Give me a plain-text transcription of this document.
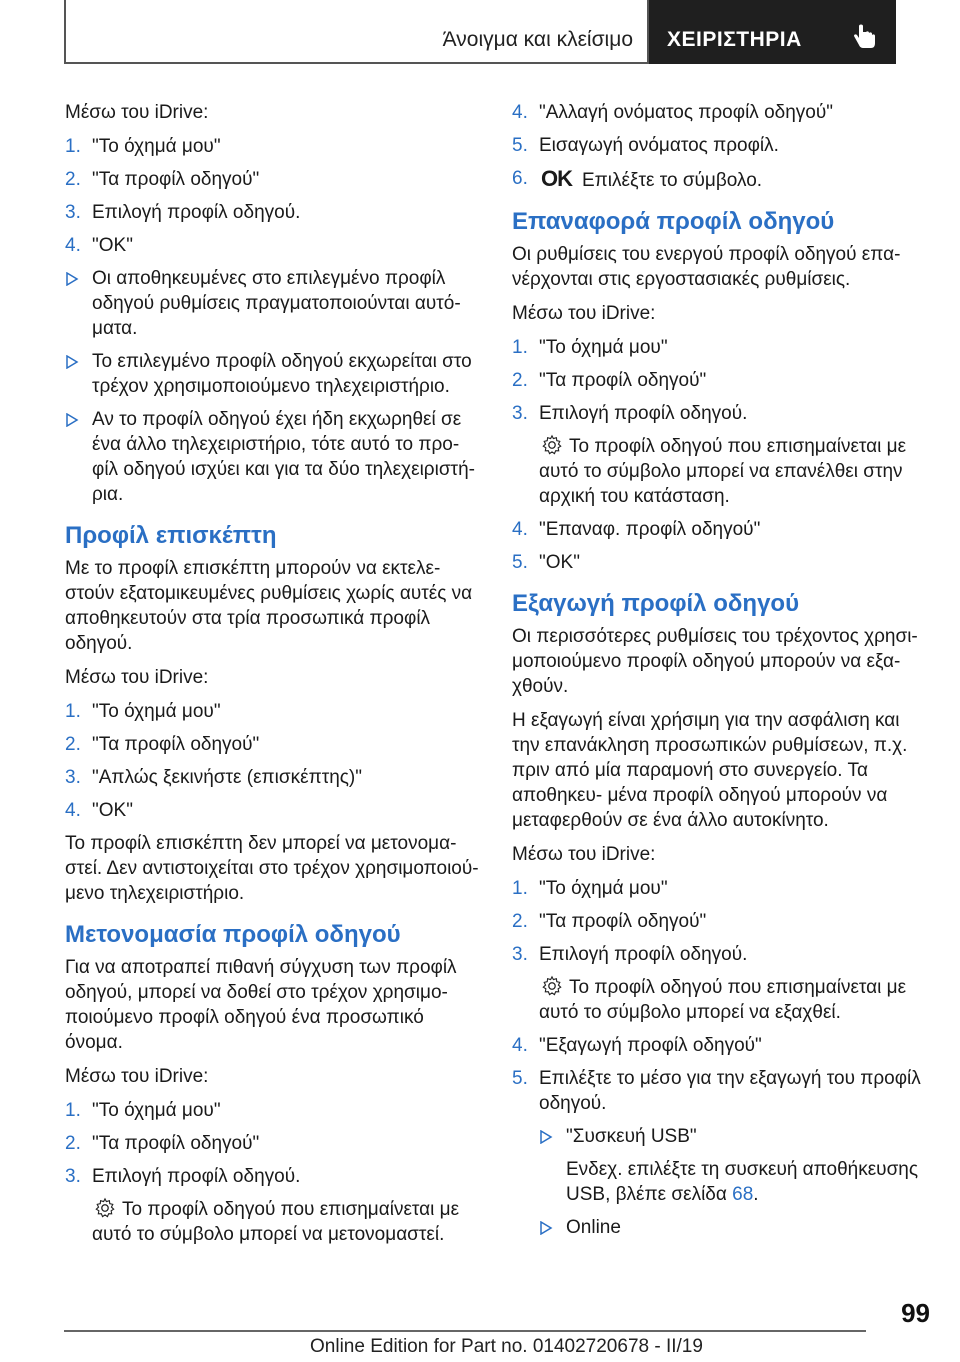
Άνοιγμα και κλείσιμο ΧΕΙΡΙΣΤΗΡΙΑ

Μέσω του iDrive:

1. "Το όχημά μου"
2. "Τα προφίλ οδηγού"
3. Επιλογή προφίλ οδηγού.
4. "OK"
Οι αποθηκευμένες στο επιλεγμένο προφίλ οδηγού ρυθμίσεις πραγματοποιούνται αυτό- ματα.
Το επιλεγμένο προφίλ οδηγού εκχωρείται στο τρέχον χρησιμοποιούμενο τηλεχειριστήριο.
Αν το προφίλ οδηγού έχει ήδη εκχωρηθεί σε ένα άλλο τηλεχειριστήριο, τότε αυτό το προ- φίλ οδηγού ισχύει και για τα δύο τηλεχειριστή- ρια.
Προφίλ επισκέπτη

Με το προφίλ επισκέπτη μπορούν να εκτελε- στούν εξατομικευμένες ρυθμίσεις χωρίς αυτές να αποθηκευτούν στα τρία προσωπικά προφίλ οδηγού.

Μέσω του iDrive:

1. "Το όχημά μου"
2. "Τα προφίλ οδηγού"
3. "Απλώς ξεκινήστε (επισκέπτης)"
4. "OK"

Το προφίλ επισκέπτη δεν μπορεί να μετονομα- στεί. Δεν αντιστοιχείται στο τρέχον χρησιμοποιού- μενο τηλεχειριστήριο.

Μετονομασία προφίλ οδηγού

Για να αποτραπεί πιθανή σύγχυση των προφίλ οδηγού, μπορεί να δοθεί στο τρέχον χρησιμο- ποιούμενο προφίλ οδηγού ένα προσωπικό όνομα.

Μέσω του iDrive:

1. "Το όχημά μου"
2. "Τα προφίλ οδηγού"
3. Επιλογή προφίλ οδηγού.
Το προφίλ οδηγού που επισημαίνεται με αυτό το σύμβολο μπορεί να μετονομαστεί.
4. "Αλλαγή ονόματος προφίλ οδηγού"
5. Εισαγωγή ονόματος προφίλ.
6. OK Επιλέξτε το σύμβολο.
Επαναφορά προφίλ οδηγού

Οι ρυθμίσεις του ενεργού προφίλ οδηγού επα- νέρχονται στις εργοστασιακές ρυθμίσεις.

Μέσω του iDrive:

1. "Το όχημά μου"
2. "Τα προφίλ οδηγού"
3. Επιλογή προφίλ οδηγού.
Το προφίλ οδηγού που επισημαίνεται με αυτό το σύμβολο μπορεί να επανέλθει στην αρχική του κατάσταση.
4. "Επαναφ. προφίλ οδηγού"
5. "OK"
Εξαγωγή προφίλ οδηγού

Οι περισσότερες ρυθμίσεις του τρέχοντος χρησι- μοποιούμενο προφίλ οδηγού μπορούν να εξα- χθούν.

Η εξαγωγή είναι χρήσιμη για την ασφάλιση και την επανάκληση προσωπικών ρυθμίσεων, π.χ. πριν από μία παραμονή στο συνεργείο. Τα αποθηκευ- μένα προφίλ οδηγού μπορούν να μεταφερθούν σε ένα άλλο αυτοκίνητο.

Μέσω του iDrive:

1. "Το όχημά μου"
2. "Τα προφίλ οδηγού"
3. Επιλογή προφίλ οδηγού.
Το προφίλ οδηγού που επισημαίνεται με αυτό το σύμβολο μπορεί να εξαχθεί.
4. "Εξαγωγή προφίλ οδηγού"
5. Επιλέξτε το μέσο για την εξαγωγή του προφίλ οδηγού.
"Συσκευή USB"

Ενδεχ. επιλέξτε τη συσκευή αποθήκευσης USB, βλέπε σελίδα 68.

Online
99
Online Edition for Part no. 01402720678 - II/19
